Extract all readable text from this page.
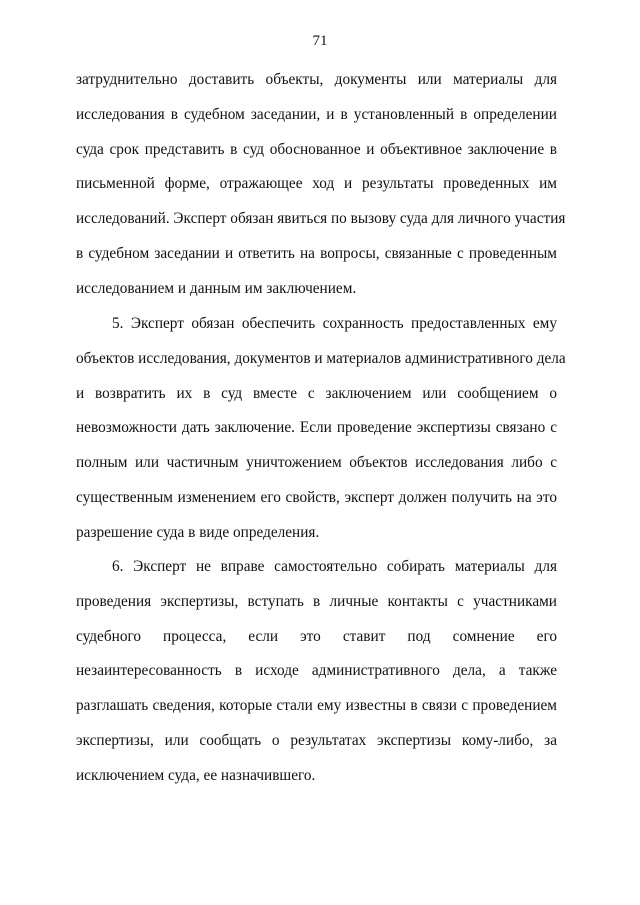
71
затруднительно доставить объекты, документы или материалы для
исследования в судебном заседании, и в установленный в определении
суда срок представить в суд обоснованное и объективное заключение в
письменной форме, отражающее ход и результаты проведенных им
исследований. Эксперт обязан явиться по вызову суда для личного участия
в судебном заседании и ответить на вопросы, связанные с проведенным
исследованием и данным им заключением.
5. Эксперт обязан обеспечить сохранность предоставленных ему
объектов исследования, документов и материалов административного дела
и возвратить их в суд вместе с заключением или сообщением о
невозможности дать заключение. Если проведение экспертизы связано с
полным или частичным уничтожением объектов исследования либо с
существенным изменением его свойств, эксперт должен получить на это
разрешение суда в виде определения.
6. Эксперт не вправе самостоятельно собирать материалы для
проведения экспертизы, вступать в личные контакты с участниками
судебного процесса, если это ставит под сомнение его
незаинтересованность в исходе административного дела, а также
разглашать сведения, которые стали ему известны в связи с проведением
экспертизы, или сообщать о результатах экспертизы кому-либо, за
исключением суда, ее назначившего.
